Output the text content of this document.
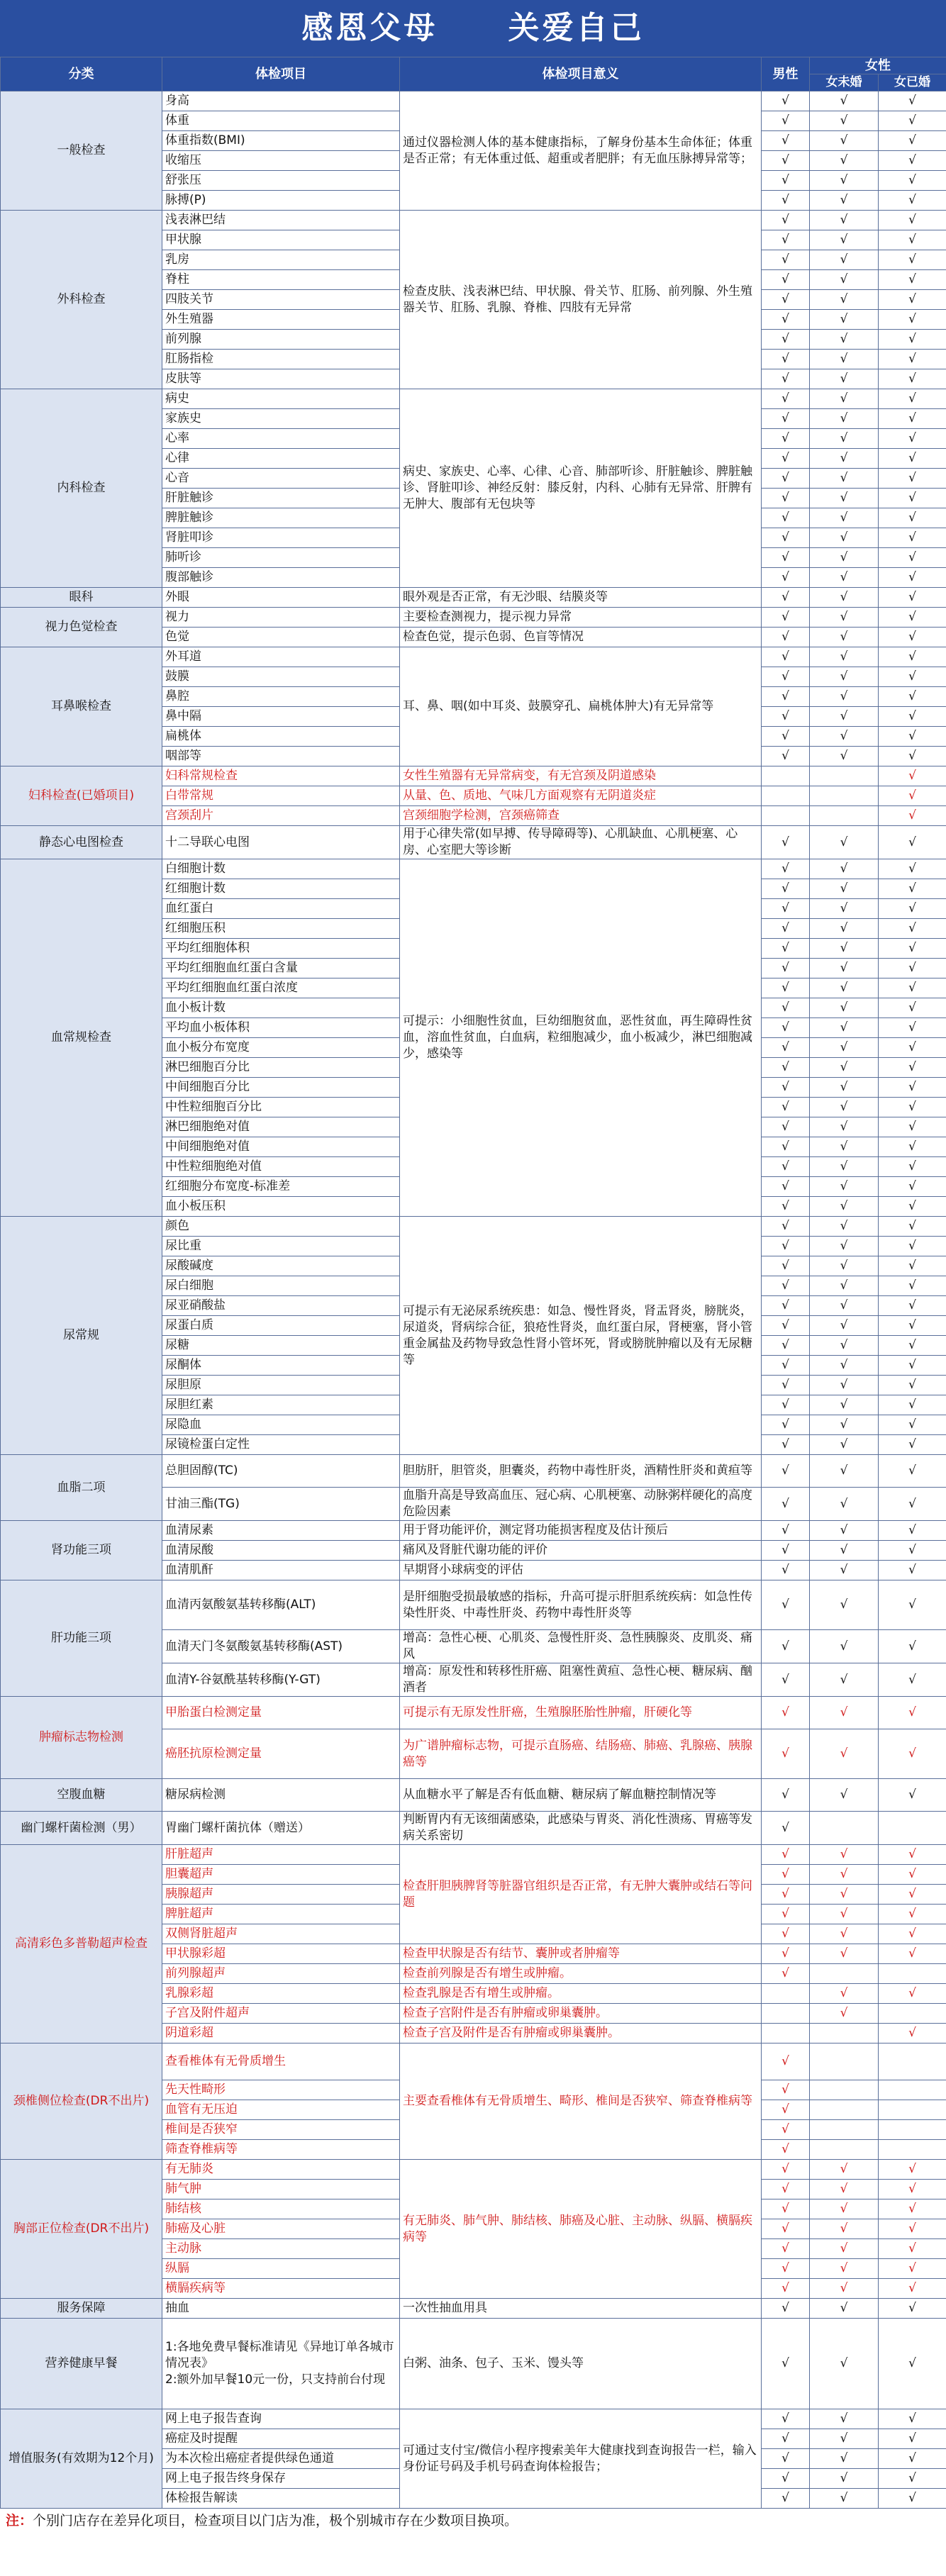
感恩父母 关爱自己
分类	体检项目	体检项目意义	男性	女性	
				女未婚	女已婚
一般检查	身高	通过仪器检测人体的基本健康指标，了解身份基本生命体征；体重是否正常；有无体重过低、超重或者肥胖；有无血压脉搏异常等；	√	√	√
	体重		√	√	√
	体重指数(BMI)		√	√	√
	收缩压		√	√	√
	舒张压		√	√	√
	脉搏(P)		√	√	√
外科检查	浅表淋巴结	检查皮肤、浅表淋巴结、甲状腺、骨关节、肛肠、前列腺、外生殖器关节、肛肠、乳腺、脊椎、四肢有无异常	√	√	√
	甲状腺		√	√	√
	乳房		√	√	√
	脊柱		√	√	√
	四肢关节		√	√	√
	外生殖器		√	√	√
	前列腺		√	√	√
	肛肠指检		√	√	√
	皮肤等		√	√	√
内科检查	病史	病史、家族史、心率、心律、心音、肺部听诊、肝脏触诊、脾脏触诊、肾脏叩诊、神经反射：膝反射，内科、心肺有无异常、肝脾有无肿大、腹部有无包块等	√	√	√
	家族史		√	√	√
	心率		√	√	√
	心律		√	√	√
	心音		√	√	√
	肝脏触诊		√	√	√
	脾脏触诊		√	√	√
	肾脏叩诊		√	√	√
	肺听诊		√	√	√
	腹部触诊		√	√	√
眼科	外眼	眼外观是否正常，有无沙眼、结膜炎等	√	√	√
视力色觉检查	视力	主要检查测视力，提示视力异常	√	√	√
	色觉	检查色觉，提示色弱、色盲等情况	√	√	√
耳鼻喉检查	外耳道	耳、鼻、咽(如中耳炎、鼓膜穿孔、扁桃体肿大)有无异常等	√	√	√
	鼓膜		√	√	√
	鼻腔		√	√	√
	鼻中隔		√	√	√
	扁桃体		√	√	√
	咽部等		√	√	√
妇科检查(已婚项目)	妇科常规检查	女性生殖器有无异常病变，有无宫颈及阴道感染			√
	白带常规	从量、色、质地、气味几方面观察有无阴道炎症			√
	宫颈刮片	宫颈细胞学检测，宫颈癌筛查			√
静态心电图检查	十二导联心电图	用于心律失常(如早搏、传导障碍等)、心肌缺血、心肌梗塞、心房、心室肥大等诊断	√	√	√
血常规检查	白细胞计数	可提示：小细胞性贫血，巨幼细胞贫血，恶性贫血，再生障碍性贫血，溶血性贫血，白血病，粒细胞减少，血小板减少，淋巴细胞减少，感染等	√	√	√
	红细胞计数		√	√	√
	血红蛋白		√	√	√
	红细胞压积		√	√	√
	平均红细胞体积		√	√	√
	平均红细胞血红蛋白含量		√	√	√
	平均红细胞血红蛋白浓度		√	√	√
	血小板计数		√	√	√
	平均血小板体积		√	√	√
	血小板分布宽度		√	√	√
	淋巴细胞百分比		√	√	√
	中间细胞百分比		√	√	√
	中性粒细胞百分比		√	√	√
	淋巴细胞绝对值		√	√	√
	中间细胞绝对值		√	√	√
	中性粒细胞绝对值		√	√	√
	红细胞分布宽度-标准差		√	√	√
	血小板压积		√	√	√
尿常规	颜色	可提示有无泌尿系统疾患：如急、慢性肾炎，肾盂肾炎，膀胱炎，尿道炎，肾病综合征，狼疮性肾炎，血红蛋白尿，肾梗塞，肾小管重金属盐及药物导致急性肾小管坏死，肾或膀胱肿瘤以及有无尿糖等	√	√	√
	尿比重		√	√	√
	尿酸碱度		√	√	√
	尿白细胞		√	√	√
	尿亚硝酸盐		√	√	√
	尿蛋白质		√	√	√
	尿糖		√	√	√
	尿酮体		√	√	√
	尿胆原		√	√	√
	尿胆红素		√	√	√
	尿隐血		√	√	√
	尿镜检蛋白定性		√	√	√
血脂二项	总胆固醇(TC)	胆肪肝，胆管炎，胆囊炎，药物中毒性肝炎，酒精性肝炎和黄疸等	√	√	√
	甘油三酯(TG)	血脂升高是导致高血压、冠心病、心肌梗塞、动脉粥样硬化的高度危险因素	√	√	√
肾功能三项	血清尿素	用于肾功能评价，测定肾功能损害程度及估计预后	√	√	√
	血清尿酸	痛风及肾脏代谢功能的评价	√	√	√
	血清肌酐	早期肾小球病变的评估	√	√	√
肝功能三项	血清丙氨酸氨基转移酶(ALT)	是肝细胞受损最敏感的指标，升高可提示肝胆系统疾病：如急性传染性肝炎、中毒性肝炎、药物中毒性肝炎等	√	√	√
	血清天门冬氨酸氨基转移酶(AST)	增高：急性心梗、心肌炎、急慢性肝炎、急性胰腺炎、皮肌炎、痛风	√	√	√
	血清Y-谷氨酰基转移酶(Y-GT)	增高：原发性和转移性肝癌、阻塞性黄疸、急性心梗、糖尿病、酗酒者	√	√	√
肿瘤标志物检测	甲胎蛋白检测定量	可提示有无原发性肝癌，生殖腺胚胎性肿瘤，肝硬化等	√	√	√
	癌胚抗原检测定量	为广谱肿瘤标志物，可提示直肠癌、结肠癌、肺癌、乳腺癌、胰腺癌等	√	√	√
空腹血糖	糖尿病检测	从血糖水平了解是否有低血糖、糖尿病了解血糖控制情况等	√	√	√
幽门螺杆菌检测（男）	胃幽门螺杆菌抗体（赠送）	判断胃内有无该细菌感染，此感染与胃炎、消化性溃疡、胃癌等发病关系密切	√		
高清彩色多普勒超声检查	肝脏超声	检查肝胆胰脾肾等脏器官组织是否正常，有无肿大囊肿或结石等问题	√	√	√
	胆囊超声		√	√	√
	胰腺超声		√	√	√
	脾脏超声		√	√	√
	双侧肾脏超声		√	√	√
	甲状腺彩超	检查甲状腺是否有结节、囊肿或者肿瘤等	√	√	√
	前列腺超声	检查前列腺是否有增生或肿瘤。	√		
	乳腺彩超	检查乳腺是否有增生或肿瘤。		√	√
	子宫及附件超声	检查子宫附件是否有肿瘤或卵巢囊肿。		√	
	阴道彩超	检查子宫及附件是否有肿瘤或卵巢囊肿。			√
颈椎侧位检查(DR不出片)	查看椎体有无骨质增生	主要查看椎体有无骨质增生、畸形、椎间是否狭窄、筛查脊椎病等	√		
	先天性畸形		√		
	血管有无压迫		√		
	椎间是否狭窄		√		
	筛查脊椎病等		√		
胸部正位检查(DR不出片)	有无肺炎	有无肺炎、肺气肿、肺结核、肺癌及心脏、主动脉、纵膈、横膈疾病等	√	√	√
	肺气肿		√	√	√
	肺结核		√	√	√
	肺癌及心脏		√	√	√
	主动脉		√	√	√
	纵膈		√	√	√
	横膈疾病等		√	√	√
服务保障	抽血	一次性抽血用具	√	√	√
营养健康早餐	1:各地免费早餐标准请见《异地订单各城市情况表》
2:额外加早餐10元一份，只支持前台付现	白粥、油条、包子、玉米、馒头等	√	√	√
增值服务(有效期为12个月)	网上电子报告查询	可通过支付宝/微信小程序搜索美年大健康找到查询报告一栏，输入身份证号码及手机号码查询体检报告；	√	√	√
	癌症及时提醒		√	√	√
	为本次检出癌症者提供绿色通道		√	√	√
	网上电子报告终身保存		√	√	√
	体检报告解读		√	√	√
注：个别门店存在差异化项目，检查项目以门店为准，极个别城市存在少数项目换项。
